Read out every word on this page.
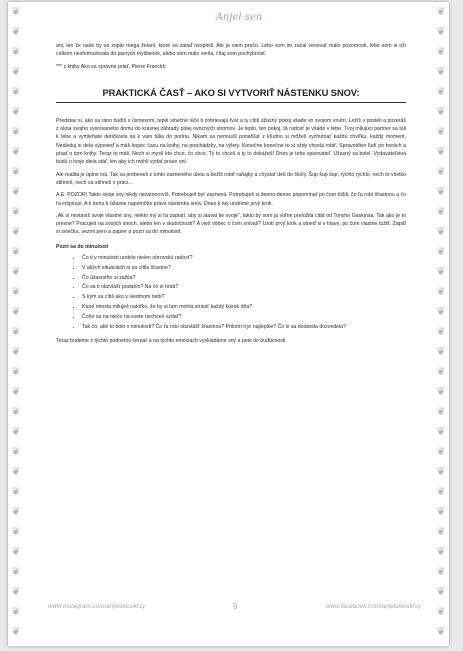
❦
❦
❦
❦
❦
❦
❦
❦
❦
❦
❦
❦
❦
❦
❦
❦
❦
❦
❦
❦
❦
❦
❦
❦
❦
❦
❦
❦
❦
❦
❦
❦

❦
❦
❦
❦
❦
❦
❦
❦
❦
❦
❦
❦
❦
❦
❦
❦
❦
❦
❦
❦
❦
❦
❦
❦
❦
❦
❦
❦
❦
❦
❦
❦

Anjel sen

ani, len že naše by sa zopár mega želaní, ktoré sa zatiaľ nesplnili. Ale ja viem prečo. Lebo som im začal venovať málo pozornosti, lebo som si ich celkom nesformulovala do jasných myšlienok, alebo som málo verila, čítaj som pochybnosť.

*** z knihy Ako sa správne priať, Pierre Franckh

PRAKTICKÁ ČASŤ – AKO SI VYTVORIŤ NÁSTENKU SNOV:

Predstav si, ako sa ráno budíš s úsmevom, teplé slnečné lúče ti zohrievajú tvár a ty cítiš úžasný pokoj všade vo svojom vnútri. Ležíš v posteli a pozeráš z okna svojho vysnívaného domu do krásnej záhrady plnej ovocných stromov. Je teplo, ten pokoj, tá radosť je všade v tebe. Tvoj milujúci partner sa túli k tebe a vymieňate detičkovia sa k vám túlia do porinu. Nikam sa nemusíš ponáhľať z kľudno si môžeš vychutnať každú chvíľku, každý moment. Nesleduj si dela výpoveď a máš kopec času na knihy, na prechádzky, na výlety. Konečne konečne to si vždy chcela robiť. Spravodlivo ľudí po horách a písať o tom knihy. Teraz to máš. Nech si myslí kto chce, čo chce. Ty to chceš a ty to dokážeš! Dnes je tebe spisovateľ. Úžasný sa bolel. Vydavateľstvá budú o tvoje diela stáť, len aby ich mohli vydať práve oni.

Ale realita je úplne iná. Tak sa preberieš z tohto zasneného úletu a bežíš robiť raňajky a chystať deti do školy. Šup šup šup, rýchlo rýchlo, nech to všetko stihneš, nech sa stihneš v práci...

A.E. POZOR! Takto svoje sny nikdy nezamorovíš. Potrebuješ byť zasnená. Potrebuješ si denno-denne pripomínať po čom túžiš, čo ťa robí šťastnou a čo ťa inšpiruje. A k tomu ti úžasne napomôže práve nástenka snov. Dnes k nej urobíme prvý krok.

„Ak si nestavíš svoje vlastné sny, niekto iný si ťa zaplatí, aby si staval tie svoje", takto by som ja voľne preložila citát od Tonyho Gaskinsa. Tak ako je to presne? Pracuješ na svojich snoch, alebo len v skutočnosti? A vieš vôbec o čom snívaš? Urob prvý krok a utrieď si v hlave, po čom vlastne túžiš. Zapáľ si sviečku, vezmi pero a papier a pozri sa do minulosti:

Pozri sa do minulosti
• Čo ti v minulosti urobilo nielen obrovskú radosť?
• V akých situáciách si sa cítila šťastne?
• Čo úžasného si zažila?
• Čo sa ti obzvlášť podarilo? Na čo si hrdá?
• S kým sa cítiš ako v siedmom nebi?
• Ktoré miesta miluješ natoľko, že by si tam mohla stráviť každý kúsok dňa?
• Čoho sa na niečo na svete nechceš vzdať?
• Tak čo, aké to bolo v minulosti? Čo ťa robí obzvlášť šťastnou? Prikom ti je najlepšie? Čo si sa doobeda dozvedela?

Teraz budeme z týchto podnetov čerpať a na týchto emóciach vyskladáme sny a pele do budúcnosti.

www.instagram.com/anjelskesikrsy	9	www.facebook.com/anjelskesikrsy
